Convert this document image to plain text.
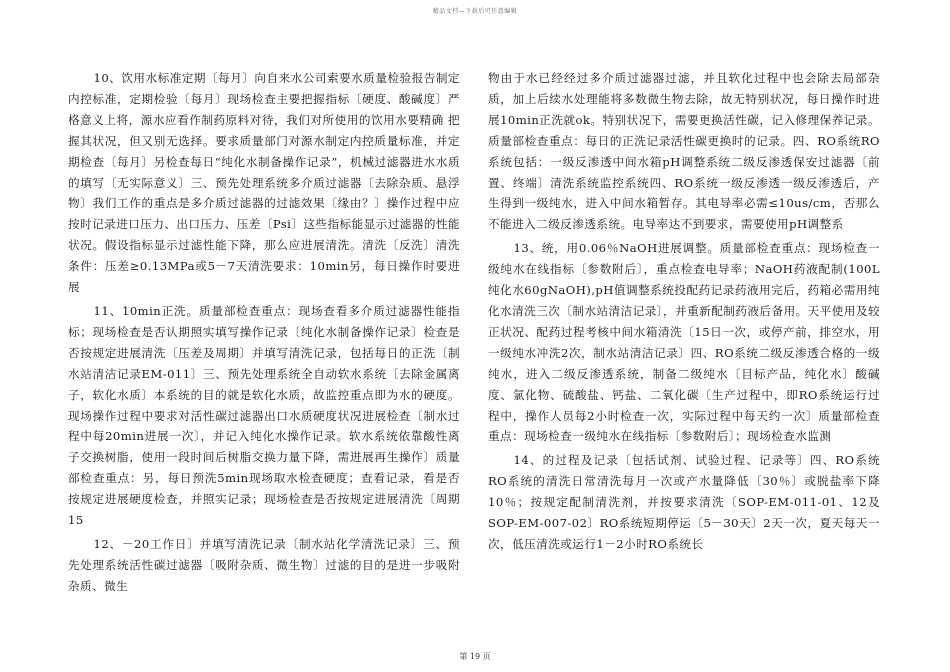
精品文档—下载后可任意编辑

10、饮用水标准定期〔每月〕向自来水公司索要水质量检验报告制定内控标准，定期检验〔每月〕现场检查主要把握指标〔硬度、酸碱度〕严格意义上将，源水应看作制药原料对待，我们对所使用的饮用水要精确 把握其状况，但又别无选择。要求质量部门对源水制定内控质量标准，并定期检查〔每月〕另检查每日“纯化水制备操作记录”，机械过滤器进水水质的填写〔无实际意义〕三、预先处理系统多介质过滤器〔去除杂质、悬浮物〕我们工作的重点是多介质过滤器的过滤效果〔缘由？〕操作过程中应按时记录进口压力、出口压力、压差〔Psi〕这些指标能显示过滤器的性能状况。假设指标显示过滤性能下降，那么应进展清洗。清洗〔反洗〕清洗条件：压差≥0.13MPa或5－7天清洗要求：10min另，每日操作时要进展

11、10min正洗。质量部检查重点：现场查看多介质过滤器性能指标；现场检查是否认期照实填写操作记录〔纯化水制备操作记录〕检查是否按规定进展清洗〔压差及周期〕并填写清洗记录，包括每日的正洗〔制水站清洁记录EM-011〕三、预先处理系统全自动软水系统〔去除金属离子，软化水质〕本系统的目的就是软化水质，故监控重点即为水的硬度。现场操作过程中要求对活性碳过滤器出口水质硬度状况进展检查〔制水过程中每20min进展一次〕，并记入纯化水操作记录。软水系统依靠酸性离子交换树脂，使用一段时间后树脂交换力量下降，需进展再生操作〕质量部检查重点：另，每日预洗5min现场取水检查硬度；查看记录，看是否按规定进展硬度检查，并照实记录；现场检查是否按规定进展清洗〔周期15

12、－20工作日〕并填写清洗记录〔制水站化学清洗记录〕三、预先处理系统活性碳过滤器〔吸附杂质、微生物〕过滤的目的是进一步吸附杂质、微生

物由于水已经经过多介质过滤器过滤，并且软化过程中也会除去局部杂质，加上后续水处理能将多数微生物去除，故无特别状况，每日操作时进展10min正洗就ok。特别状况下，需要更换活性碳，记入修理保养记录。质量部检查重点：每日的正洗记录活性碳更换时的记录。四、RO系统RO系统包括：一级反渗透中间水箱pH调整系统二级反渗透保安过滤器〔前置、终端〕清洗系统监控系统四、RO系统一级反渗透一级反渗透后，产生得到一级纯水，进入中间水箱暂存。其电导率必需≤10us/cm，否那么不能进入二级反渗透系统。电导率达不到要求，需要使用pH调整系

13、统，用0.06％NaOH进展调整。质量部检查重点：现场检查一级纯水在线指标〔参数附后〕，重点检查电导率；NaOH药液配制(100L纯化水60gNaOH),pH值调整系统投配药记录药液用完后，药箱必需用纯化水清洗三次〔制水站清洁记录〕，并重新配制药液后备用。天平使用及较正状况、配药过程考核中间水箱清洗〔15日一次，或停产前，排空水，用一级纯水冲洗2次，制水站清洁记录〕四、RO系统二级反渗透合格的一级纯水，进入二级反渗透系统，制备二级纯水〔目标产品，纯化水〕酸碱度、氯化物、硫酸盐、钙盐、二氧化碳〔生产过程中，即RO系统运行过程中，操作人员每2小时检查一次，实际过程中每天约一次〕质量部检查重点：现场检查一级纯水在线指标〔参数附后〕；现场检查水监测

14、的过程及记录〔包括试剂、试验过程、记录等〕四、RO系统RO系统的清洗日常清洗每月一次或产水量降低〔30％〕或脱盐率下降10％；按规定配制清洗剂，并按要求清洗〔SOP-EM-011-01、12及SOP-EM-007-02〕RO系统短期停运〔5－30天〕2天一次，夏天每天一次，低压清洗或运行1－2小时RO系统长

第 19 页
